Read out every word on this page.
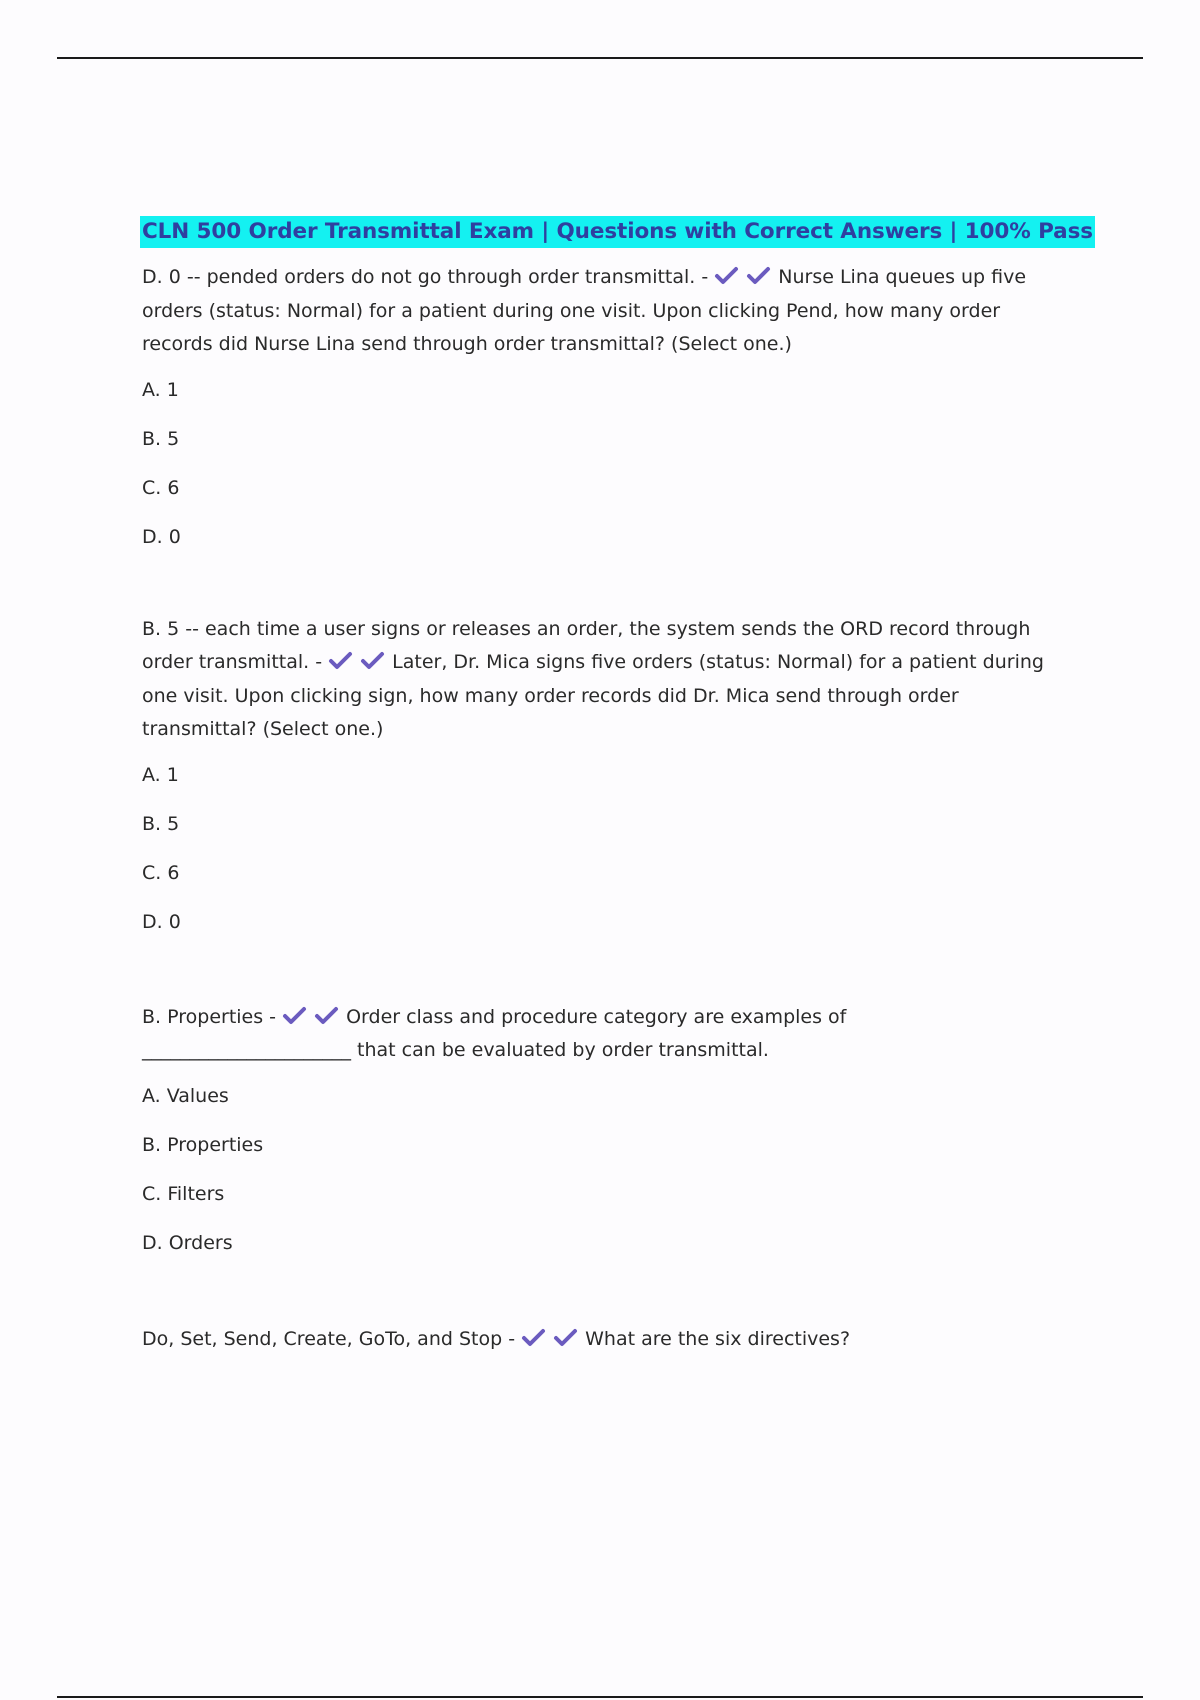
CLN 500 Order Transmittal Exam | Questions with Correct Answers | 100% Pass

D. 0 -- pended orders do not go through order transmittal. -	Nurse Lina queues up five
orders (status: Normal) for a patient during one visit. Upon clicking Pend, how many order
records did Nurse Lina send through order transmittal? (Select one.)

A. 1

B. 5

C. 6

D. 0

B. 5 -- each time a user signs or releases an order, the system sends the ORD record through
order transmittal. -	Later, Dr. Mica signs five orders (status: Normal) for a patient during
one visit. Upon clicking sign, how many order records did Dr. Mica send through order
transmittal? (Select one.)

A. 1

B. 5

C. 6

D. 0

B. Properties -	Order class and procedure category are examples of
______________________ that can be evaluated by order transmittal.

A. Values

B. Properties

C. Filters

D. Orders

Do, Set, Send, Create, GoTo, and Stop -	What are the six directives?
